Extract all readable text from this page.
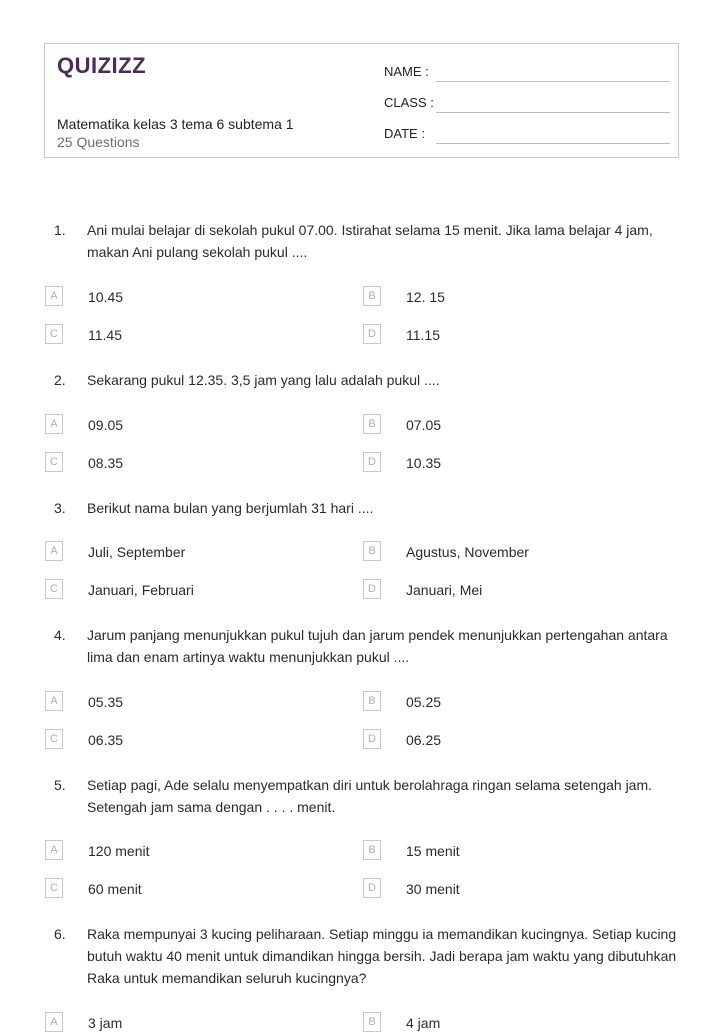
QUIZIZZ
Matematika kelas 3 tema 6 subtema 1
25 Questions
NAME :
CLASS :
DATE :
1.	Ani mulai belajar di sekolah pukul 07.00. Istirahat selama 15 menit. Jika lama belajar 4 jam, makan Ani pulang sekolah pukul ....
A	10.45	B	12. 15
C	11.45	D	11.15
2.	Sekarang pukul 12.35. 3,5 jam yang lalu adalah pukul ....
A	09.05	B	07.05
C	08.35	D	10.35
3.	Berikut nama bulan yang berjumlah 31 hari ....
A	Juli, September	B	Agustus, November
C	Januari, Februari	D	Januari, Mei
4.	Jarum panjang menunjukkan pukul tujuh dan jarum pendek menunjukkan pertengahan antara lima dan enam artinya waktu menunjukkan pukul ....
A	05.35	B	05.25
C	06.35	D	06.25
5.	Setiap pagi, Ade selalu menyempatkan diri untuk berolahraga ringan selama setengah jam. Setengah jam sama dengan . . . . menit.
A	120 menit	B	15 menit
C	60 menit	D	30 menit
6.	Raka mempunyai 3 kucing peliharaan. Setiap minggu ia memandikan kucingnya. Setiap kucing butuh waktu 40 menit untuk dimandikan hingga bersih. Jadi berapa jam waktu yang dibutuhkan Raka untuk memandikan seluruh kucingnya?
A	3 jam	B	4 jam
